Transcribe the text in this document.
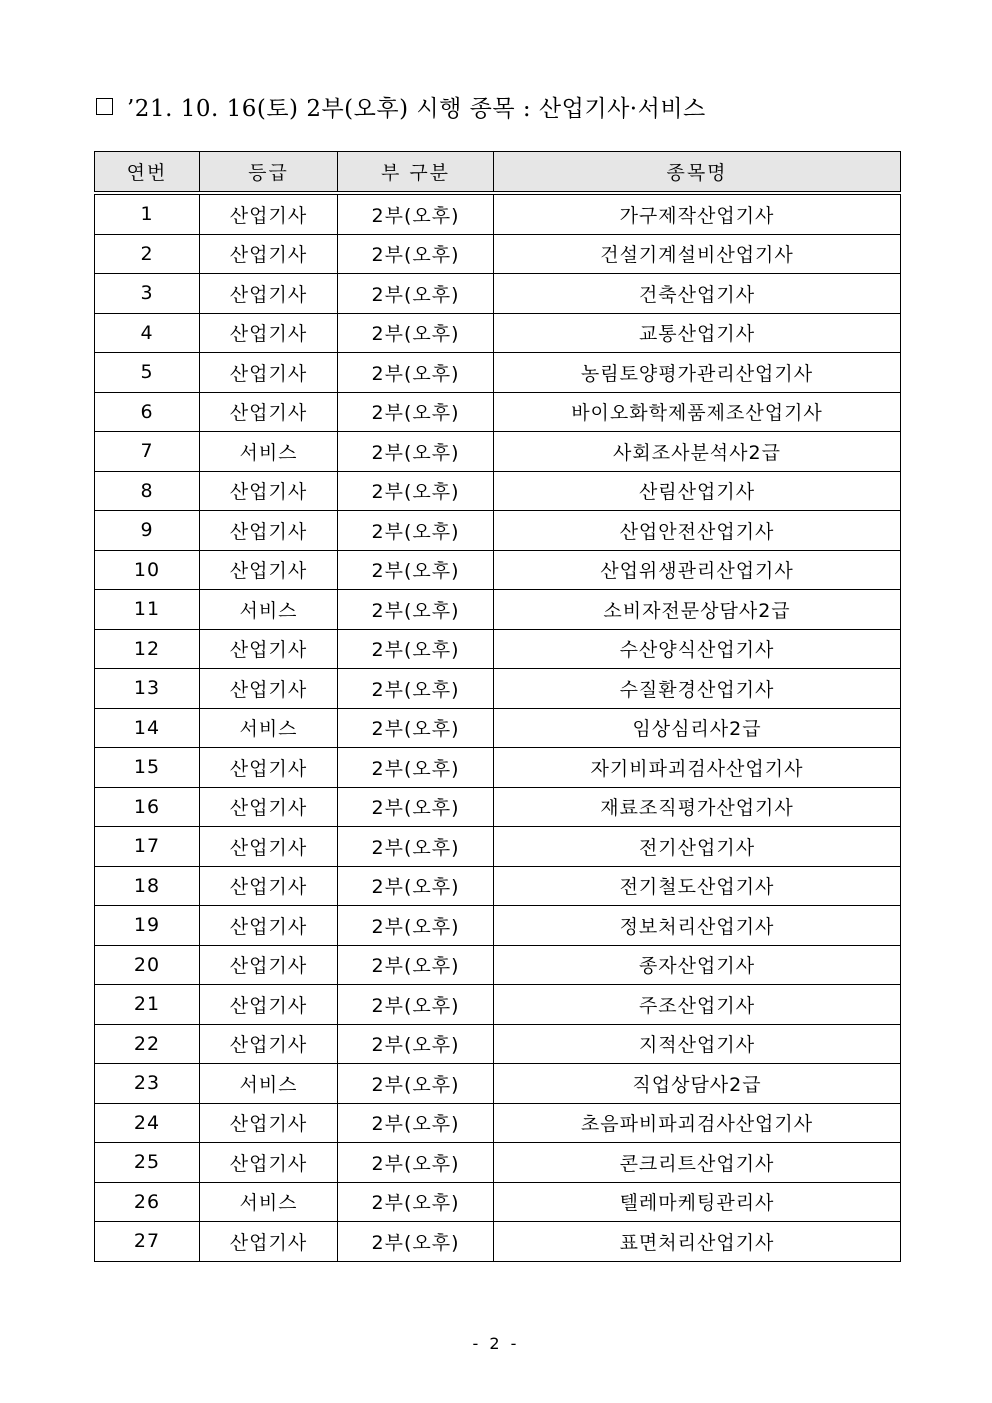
’21. 10. 16(토) 2부(오후) 시행 종목 : 산업기사·서비스
연번	등급	부 구분	종목명
1	산업기사	2부(오후)	가구제작산업기사
2	산업기사	2부(오후)	건설기계설비산업기사
3	산업기사	2부(오후)	건축산업기사
4	산업기사	2부(오후)	교통산업기사
5	산업기사	2부(오후)	농림토양평가관리산업기사
6	산업기사	2부(오후)	바이오화학제품제조산업기사
7	서비스	2부(오후)	사회조사분석사2급
8	산업기사	2부(오후)	산림산업기사
9	산업기사	2부(오후)	산업안전산업기사
10	산업기사	2부(오후)	산업위생관리산업기사
11	서비스	2부(오후)	소비자전문상담사2급
12	산업기사	2부(오후)	수산양식산업기사
13	산업기사	2부(오후)	수질환경산업기사
14	서비스	2부(오후)	임상심리사2급
15	산업기사	2부(오후)	자기비파괴검사산업기사
16	산업기사	2부(오후)	재료조직평가산업기사
17	산업기사	2부(오후)	전기산업기사
18	산업기사	2부(오후)	전기철도산업기사
19	산업기사	2부(오후)	정보처리산업기사
20	산업기사	2부(오후)	종자산업기사
21	산업기사	2부(오후)	주조산업기사
22	산업기사	2부(오후)	지적산업기사
23	서비스	2부(오후)	직업상담사2급
24	산업기사	2부(오후)	초음파비파괴검사산업기사
25	산업기사	2부(오후)	콘크리트산업기사
26	서비스	2부(오후)	텔레마케팅관리사
27	산업기사	2부(오후)	표면처리산업기사
- 2 -
